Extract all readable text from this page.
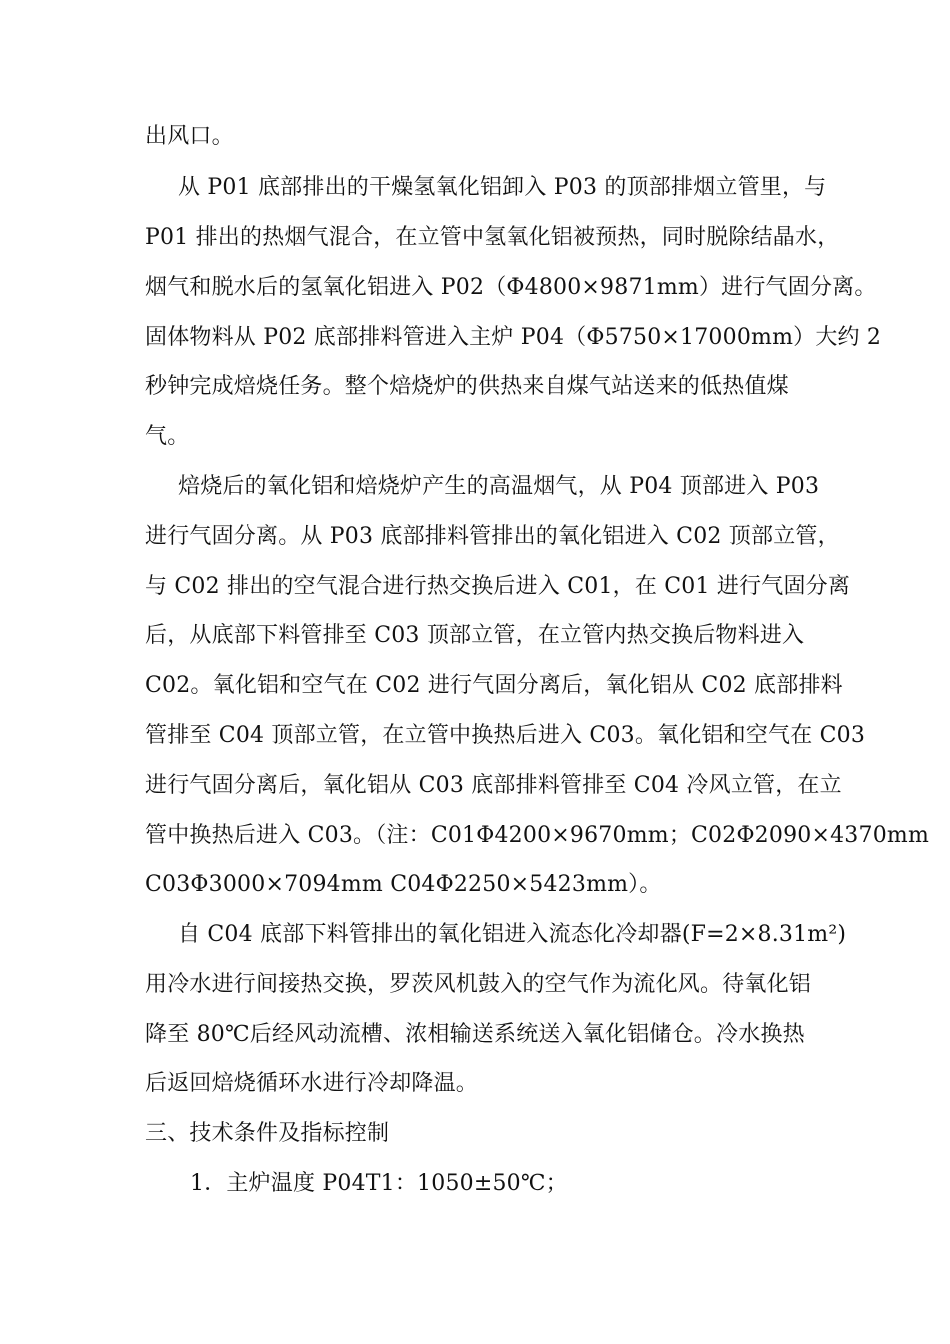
出风口。
从 P01 底部排出的干燥氢氧化铝卸入 P03 的顶部排烟立管里，与
P01 排出的热烟气混合，在立管中氢氧化铝被预热，同时脱除结晶水，
烟气和脱水后的氢氧化铝进入 P02（Φ4800×9871mm）进行气固分离。
固体物料从 P02 底部排料管进入主炉 P04（Φ5750×17000mm）大约 2
秒钟完成焙烧任务。整个焙烧炉的供热来自煤气站送来的低热值煤
气。
焙烧后的氧化铝和焙烧炉产生的高温烟气，从 P04 顶部进入 P03
进行气固分离。从 P03 底部排料管排出的氧化铝进入 C02 顶部立管，
与 C02 排出的空气混合进行热交换后进入 C01，在 C01 进行气固分离
后，从底部下料管排至 C03 顶部立管，在立管内热交换后物料进入
C02。氧化铝和空气在 C02 进行气固分离后，氧化铝从 C02 底部排料
管排至 C04 顶部立管，在立管中换热后进入 C03。氧化铝和空气在 C03
进行气固分离后，氧化铝从 C03 底部排料管排至 C04 冷风立管，在立
管中换热后进入 C03。（注：C01Φ4200×9670mm；C02Φ2090×4370mm
C03Φ3000×7094mm C04Φ2250×5423mm）。
自 C04 底部下料管排出的氧化铝进入流态化冷却器(F=2×8.31m²)
用冷水进行间接热交换，罗茨风机鼓入的空气作为流化风。待氧化铝
降至 80℃后经风动流槽、浓相输送系统送入氧化铝储仓。冷水换热
后返回焙烧循环水进行冷却降温。
三、技术条件及指标控制
1．主炉温度 P04T1：1050±50℃；
